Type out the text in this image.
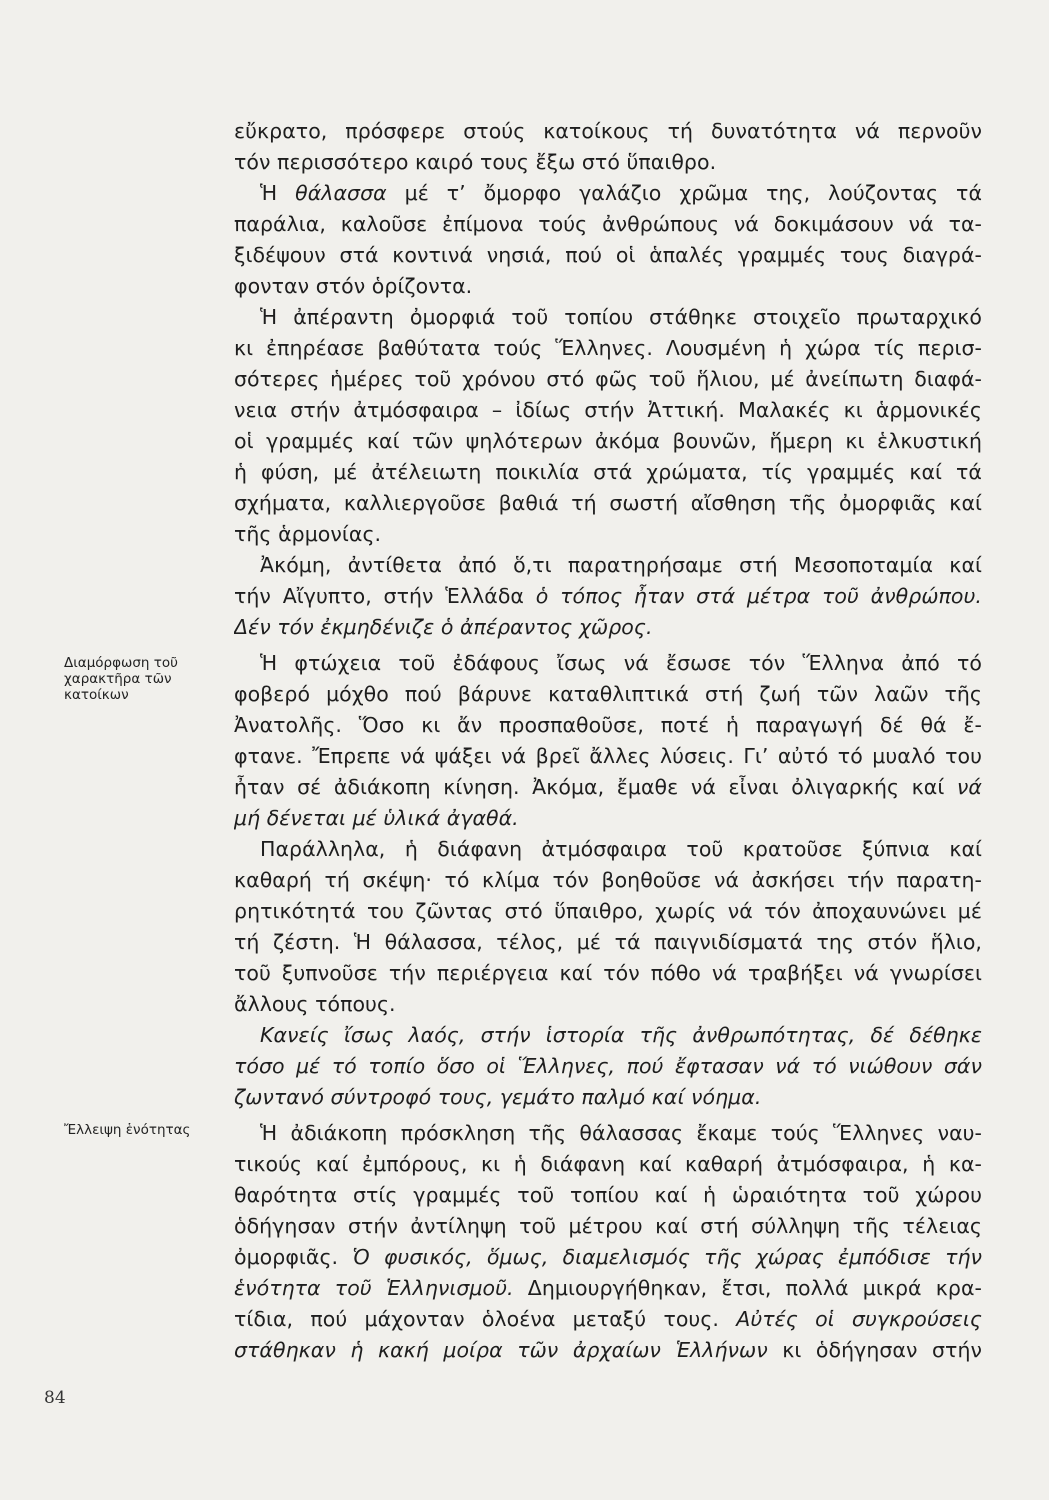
εὔκρατο, πρόσφερε στούς κατοίκους τή δυνατότητα νά περνοῦν
τόν περισσότερο καιρό τους ἔξω στό ὕπαιθρο.
Ἡ θάλασσα μέ τ’ ὄμορφο γαλάζιο χρῶμα της, λούζοντας τά
παράλια, καλοῦσε ἐπίμονα τούς ἀνθρώπους νά δοκιμάσουν νά τα-
ξιδέψουν στά κοντινά νησιά, πού οἱ ἁπαλές γραμμές τους διαγρά-
φονταν στόν ὁρίζοντα.
Ἡ ἀπέραντη ὀμορφιά τοῦ τοπίου στάθηκε στοιχεῖο πρωταρχικό
κι ἐπηρέασε βαθύτατα τούς Ἕλληνες. Λουσμένη ἡ χώρα τίς περισ-
σότερες ἡμέρες τοῦ χρόνου στό φῶς τοῦ ἥλιου, μέ ἀνείπωτη διαφά-
νεια στήν ἀτμόσφαιρα – ἰδίως στήν Ἀττική. Μαλακές κι ἁρμονικές
οἱ γραμμές καί τῶν ψηλότερων ἀκόμα βουνῶν, ἥμερη κι ἑλκυστική
ἡ φύση, μέ ἀτέλειωτη ποικιλία στά χρώματα, τίς γραμμές καί τά
σχήματα, καλλιεργοῦσε βαθιά τή σωστή αἴσθηση τῆς ὀμορφιᾶς καί
τῆς ἁρμονίας.
Ἀκόμη, ἀντίθετα ἀπό ὅ,τι παρατηρήσαμε στή Μεσοποταμία καί
τήν Αἴγυπτο, στήν Ἑλλάδα ὁ τόπος ἦταν στά μέτρα τοῦ ἀνθρώπου.
Δέν τόν ἐκμηδένιζε ὁ ἀπέραντος χῶρος.
Διαμόρφωση τοῦ χαρακτῆρα τῶν κατοίκων
Ἡ φτώχεια τοῦ ἐδάφους ἴσως νά ἔσωσε τόν Ἕλληνα ἀπό τό
φοβερό μόχθο πού βάρυνε καταθλιπτικά στή ζωή τῶν λαῶν τῆς
Ἀνατολῆς. Ὅσο κι ἄν προσπαθοῦσε, ποτέ ἡ παραγωγή δέ θά ἔ-
φτανε. Ἔπρεπε νά ψάξει νά βρεῖ ἄλλες λύσεις. Γι’ αὐτό τό μυαλό του
ἦταν σέ ἀδιάκοπη κίνηση. Ἀκόμα, ἔμαθε νά εἶναι ὀλιγαρκής καί νά
μή δένεται μέ ὑλικά ἀγαθά.
Παράλληλα, ἡ διάφανη ἀτμόσφαιρα τοῦ κρατοῦσε ξύπνια καί
καθαρή τή σκέψη· τό κλίμα τόν βοηθοῦσε νά ἀσκήσει τήν παρατη-
ρητικότητά του ζῶντας στό ὕπαιθρο, χωρίς νά τόν ἀποχαυνώνει μέ
τή ζέστη. Ἡ θάλασσα, τέλος, μέ τά παιγνιδίσματά της στόν ἥλιο,
τοῦ ξυπνοῦσε τήν περιέργεια καί τόν πόθο νά τραβήξει νά γνωρίσει
ἄλλους τόπους.
Κανείς ἴσως λαός, στήν ἱστορία τῆς ἀνθρωπότητας, δέ δέθηκε
τόσο μέ τό τοπίο ὅσο οἱ Ἕλληνες, πού ἔφτασαν νά τό νιώθουν σάν
ζωντανό σύντροφό τους, γεμάτο παλμό καί νόημα.
Ἔλλειψη ἑνότητας	Ἡ ἀδιάκοπη πρόσκληση τῆς θάλασσας ἔκαμε τούς Ἕλληνες ναυ-
τικούς καί ἐμπόρους, κι ἡ διάφανη καί καθαρή ἀτμόσφαιρα, ἡ κα-
θαρότητα στίς γραμμές τοῦ τοπίου καί ἡ ὡραιότητα τοῦ χώρου
ὁδήγησαν στήν ἀντίληψη τοῦ μέτρου καί στή σύλληψη τῆς τέλειας
ὀμορφιᾶς. Ὁ φυσικός, ὅμως, διαμελισμός τῆς χώρας ἐμπόδισε τήν
ἑνότητα τοῦ Ἑλληνισμοῦ. Δημιουργήθηκαν, ἔτσι, πολλά μικρά κρα-
τίδια, πού μάχονταν ὁλοένα μεταξύ τους. Αὐτές οἱ συγκρούσεις
στάθηκαν ἡ κακή μοίρα τῶν ἀρχαίων Ἑλλήνων κι ὁδήγησαν στήν
84
